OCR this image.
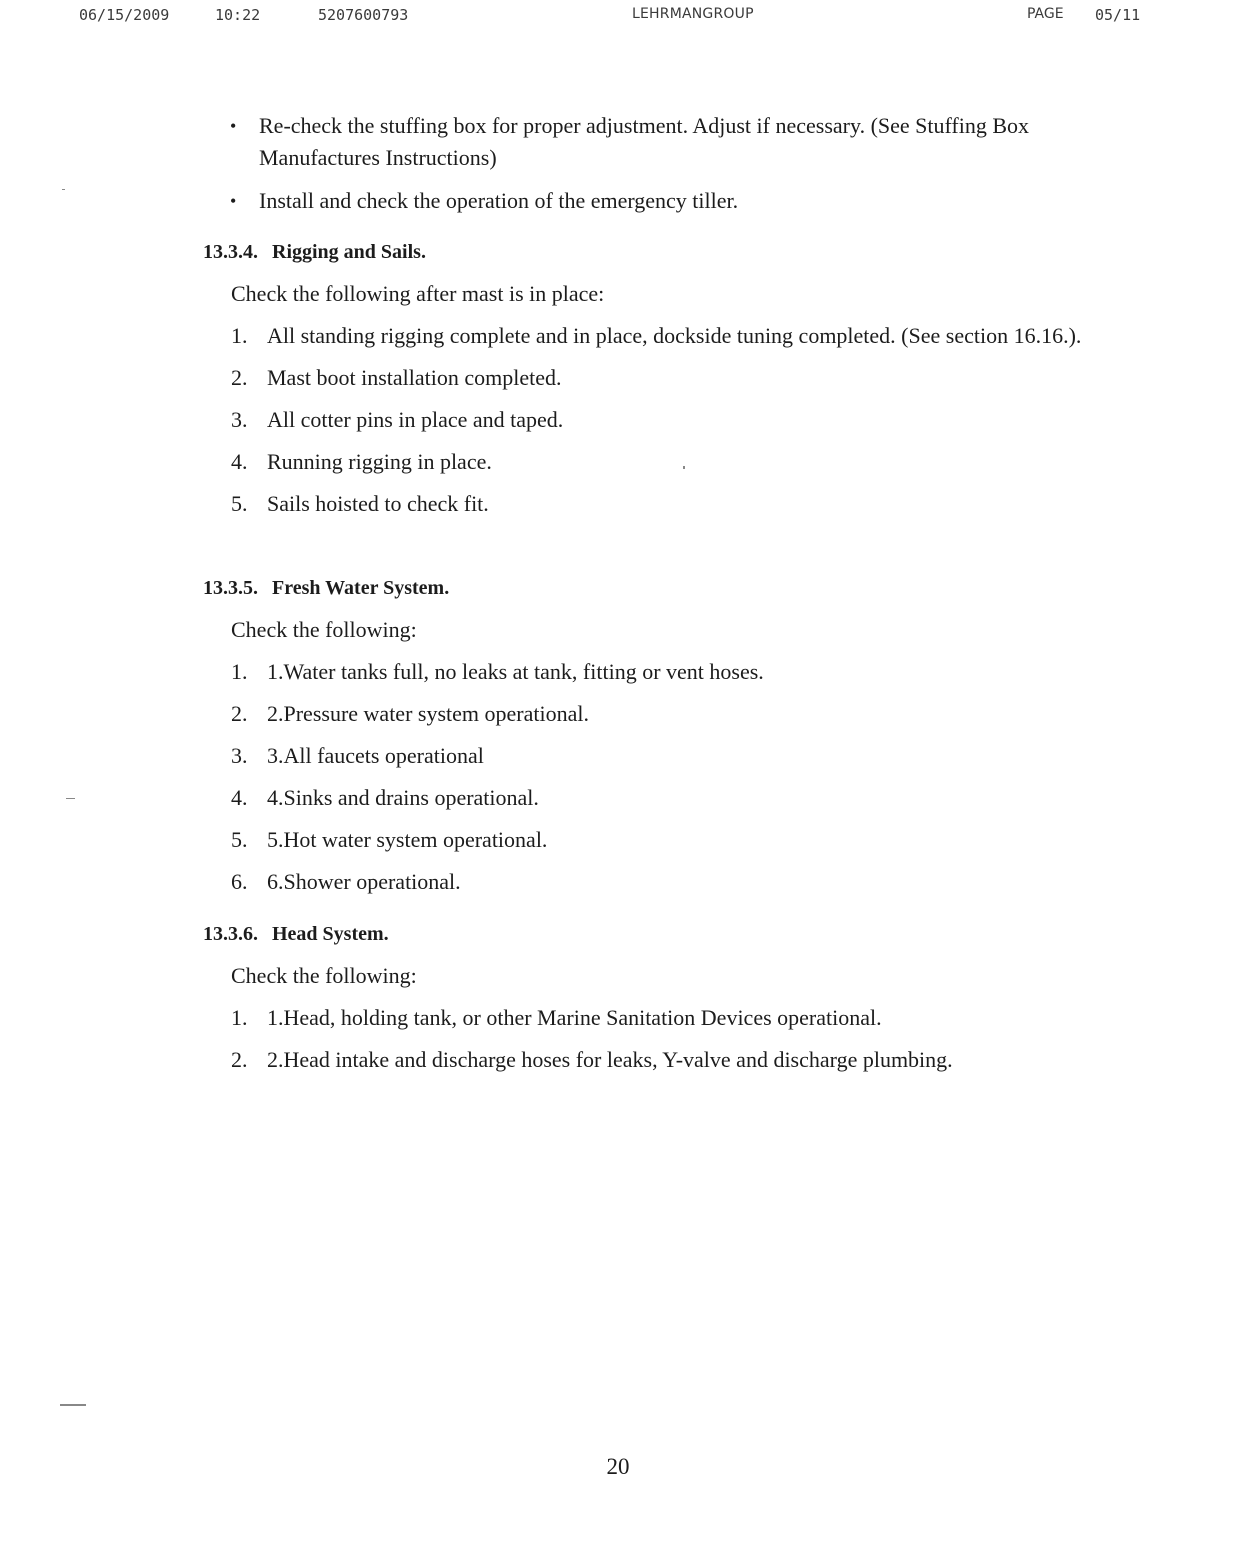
06/15/2009	10:22	5207600793	LEHRMANGROUP	PAGE 05/11
• Re-check the stuffing box for proper adjustment. Adjust if necessary. (See Stuffing Box Manufactures Instructions)
• Install and check the operation of the emergency tiller.
13.3.4. Rigging and Sails.

Check the following after mast is in place:

1. All standing rigging complete and in place, dockside tuning completed. (See section 16.16.).
2. Mast boot installation completed.
3. All cotter pins in place and taped.
4. Running rigging in place.
5. Sails hoisted to check fit.
13.3.5. Fresh Water System.

Check the following:

1. 1.Water tanks full, no leaks at tank, fitting or vent hoses.
2. 2.Pressure water system operational.
3. 3.All faucets operational
4. 4.Sinks and drains operational.
5. 5.Hot water system operational.
6. 6.Shower operational.
13.3.6. Head System.

Check the following:

1. 1.Head, holding tank, or other Marine Sanitation Devices operational.
2. 2.Head intake and discharge hoses for leaks, Y-valve and discharge plumbing.
20
